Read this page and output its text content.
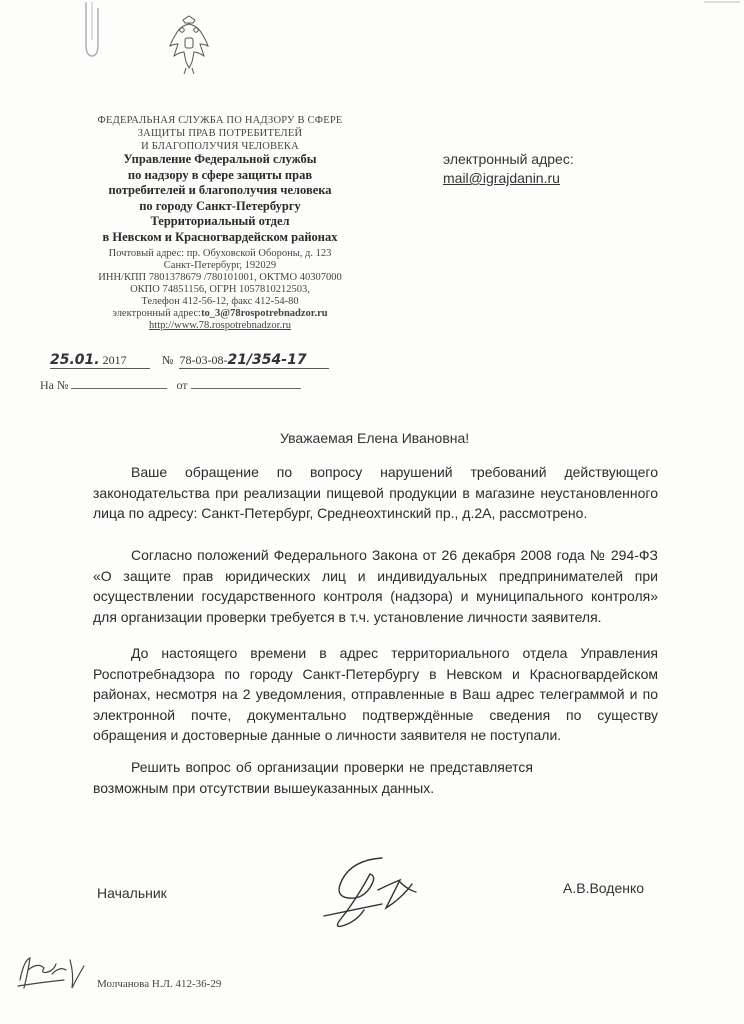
ФЕДЕРАЛЬНАЯ СЛУЖБА ПО НАДЗОРУ В СФЕРЕ
ЗАЩИТЫ ПРАВ ПОТРЕБИТЕЛЕЙ
И БЛАГОПОЛУЧИЯ ЧЕЛОВЕКА
Управление Федеральной службы
по надзору в сфере защиты прав
потребителей и благополучия человека
по городу Санкт-Петербургу
Территориальный отдел
в Невском и Красногвардейском районах
Почтовый адрес: пр. Обуховской Обороны, д. 123
Санкт-Петербург, 192029
ИНН/КПП 7801378679 /780101001, ОКТМО 40307000
ОКПО 74851156, ОГРН 1057810212503,
Телефон 412-56-12, факс 412-54-80
электронный адрес:to_3@78rospotrebnadzor.ru
http://www.78.rospotrebnadzor.ru
электронный адрес:
mail@igrajdanin.ru
25.01. 2017	№ 78-03-08-21/354-17
На №	от
Уважаемая Елена Ивановна!

Ваше обращение по вопросу нарушений требований действующего законодательства при реализации пищевой продукции в магазине неустановленного лица по адресу: Санкт-Петербург, Среднеохтинский пр., д.2А, рассмотрено.

Согласно положений Федерального Закона от 26 декабря 2008 года № 294-ФЗ «О защите прав юридических лиц и индивидуальных предпринимателей при осуществлении государственного контроля (надзора) и муниципального контроля» для организации проверки требуется в т.ч. установление личности заявителя.

До настоящего времени в адрес территориального отдела Управления Роспотребнадзора по городу Санкт-Петербургу в Невском и Красногвардейском районах, несмотря на 2 уведомления, отправленные в Ваш адрес телеграммой и по электронной почте, документально подтверждённые сведения по существу обращения и достоверные данные о личности заявителя не поступали.

Решить вопрос об организации проверки не представляется возможным при отсутствии вышеуказанных данных.

Начальник	А.В.Воденко
Молчанова Н.Л. 412-36-29
